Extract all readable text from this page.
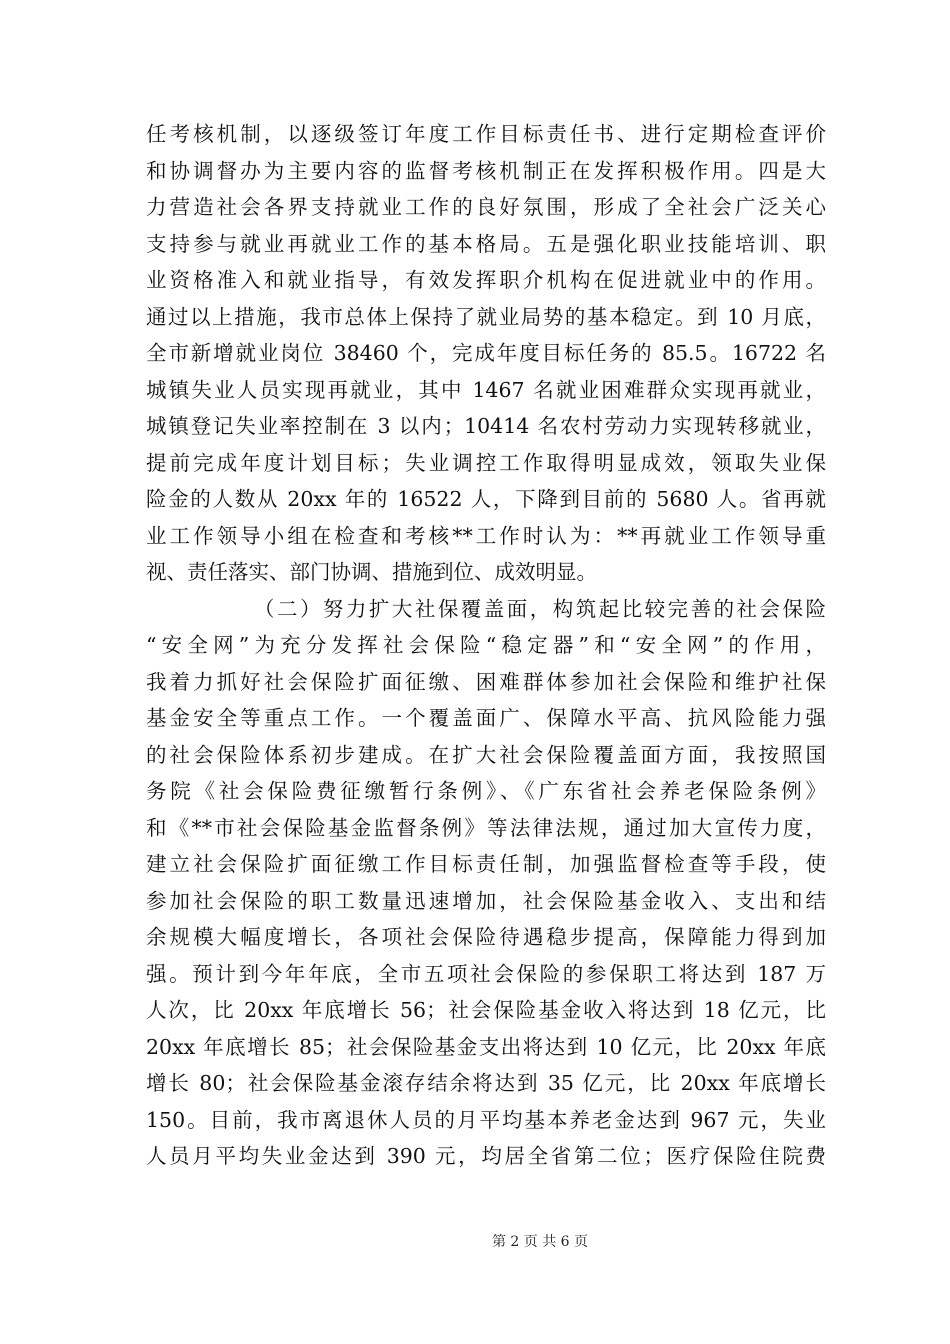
任考核机制，以逐级签订年度工作目标责任书、进行定期检查评价
和协调督办为主要内容的监督考核机制正在发挥积极作用。四是大
力营造社会各界支持就业工作的良好氛围，形成了全社会广泛关心
支持参与就业再就业工作的基本格局。五是强化职业技能培训、职
业资格准入和就业指导，有效发挥职介机构在促进就业中的作用。
通过以上措施，我市总体上保持了就业局势的基本稳定。到 10 月底，
全市新增就业岗位 38460 个，完成年度目标任务的 85.5。16722 名
城镇失业人员实现再就业，其中 1467 名就业困难群众实现再就业，
城镇登记失业率控制在 3 以内；10414 名农村劳动力实现转移就业，
提前完成年度计划目标；失业调控工作取得明显成效，领取失业保
险金的人数从 20xx 年的 16522 人，下降到目前的 5680 人。省再就
业工作领导小组在检查和考核**工作时认为：**再就业工作领导重
视、责任落实、部门协调、措施到位、成效明显。
（二）努力扩大社保覆盖面，构筑起比较完善的社会保险
“安全网”为充分发挥社会保险“稳定器”和“安全网”的作用，
我着力抓好社会保险扩面征缴、困难群体参加社会保险和维护社保
基金安全等重点工作。一个覆盖面广、保障水平高、抗风险能力强
的社会保险体系初步建成。在扩大社会保险覆盖面方面，我按照国
务院《社会保险费征缴暂行条例》、《广东省社会养老保险条例》
和《**市社会保险基金监督条例》等法律法规，通过加大宣传力度，
建立社会保险扩面征缴工作目标责任制，加强监督检查等手段，使
参加社会保险的职工数量迅速增加，社会保险基金收入、支出和结
余规模大幅度增长，各项社会保险待遇稳步提高，保障能力得到加
强。预计到今年年底，全市五项社会保险的参保职工将达到 187 万
人次，比 20xx 年底增长 56；社会保险基金收入将达到 18 亿元，比
20xx 年底增长 85；社会保险基金支出将达到 10 亿元，比 20xx 年底
增长 80；社会保险基金滚存结余将达到 35 亿元，比 20xx 年底增长
150。目前，我市离退休人员的月平均基本养老金达到 967 元，失业
人员月平均失业金达到 390 元，均居全省第二位；医疗保险住院费
第 2 页 共 6 页
